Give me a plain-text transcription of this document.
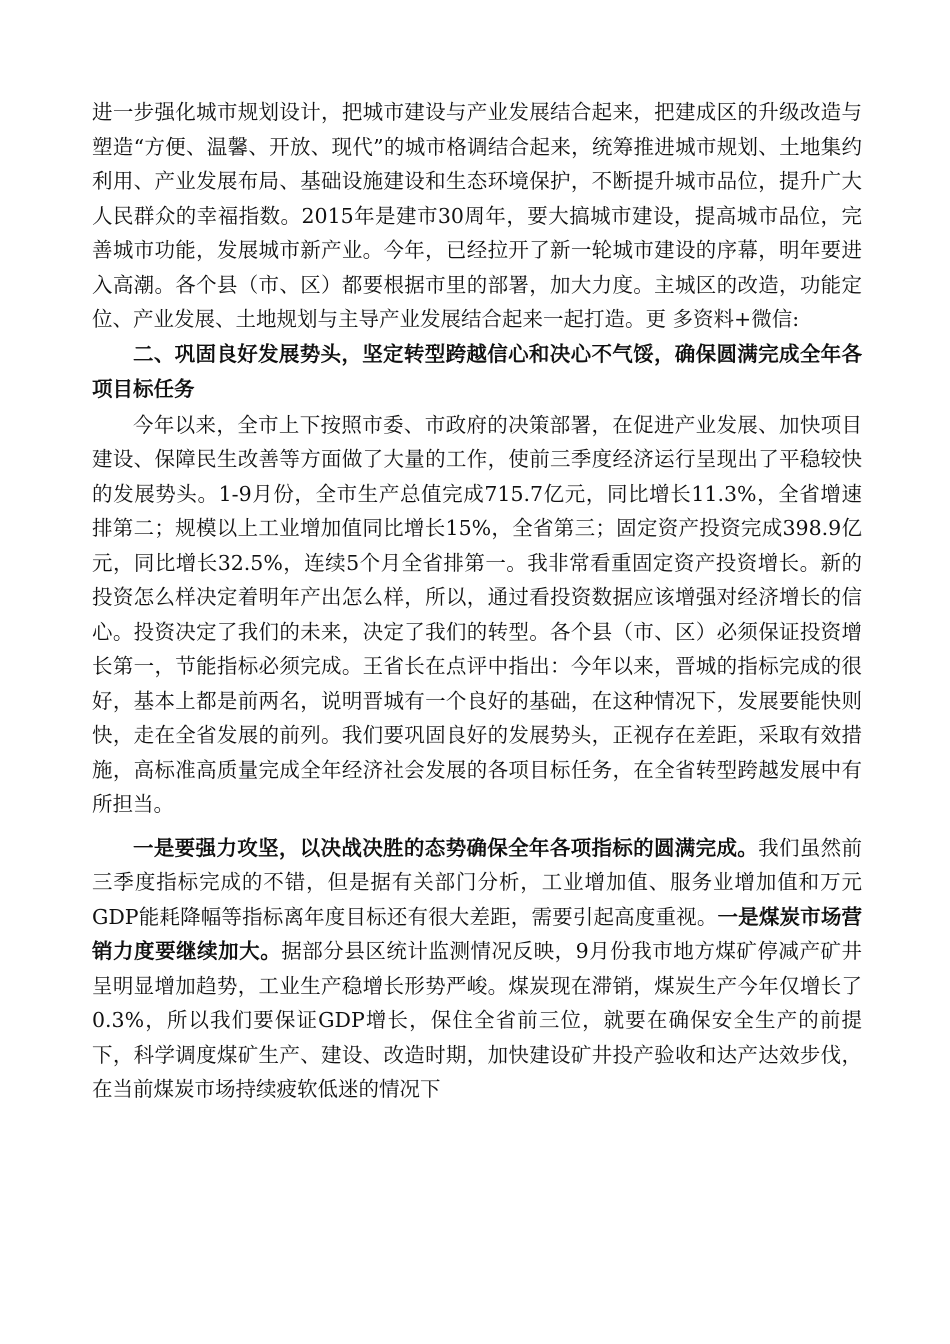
进一步强化城市规划设计，把城市建设与产业发展结合起来，把建成区的升级改造与塑造“方便、温馨、开放、现代”的城市格调结合起来，统筹推进城市规划、土地集约利用、产业发展布局、基础设施建设和生态环境保护，不断提升城市品位，提升广大人民群众的幸福指数。2015年是建市30周年，要大搞城市建设，提高城市品位，完善城市功能，发展城市新产业。今年，已经拉开了新一轮城市建设的序幕，明年要进入高潮。各个县（市、区）都要根据市里的部署，加大力度。主城区的改造，功能定位、产业发展、土地规划与主导产业发展结合起来一起打造。更 多资料+微信:

二、巩固良好发展势头，坚定转型跨越信心和决心不气馁，确保圆满完成全年各项目标任务

今年以来，全市上下按照市委、市政府的决策部署，在促进产业发展、加快项目建设、保障民生改善等方面做了大量的工作，使前三季度经济运行呈现出了平稳较快的发展势头。1-9月份，全市生产总值完成715.7亿元，同比增长11.3%，全省增速排第二；规模以上工业增加值同比增长15%，全省第三；固定资产投资完成398.9亿元，同比增长32.5%，连续5个月全省排第一。我非常看重固定资产投资增长。新的投资怎么样决定着明年产出怎么样，所以，通过看投资数据应该增强对经济增长的信心。投资决定了我们的未来，决定了我们的转型。各个县（市、区）必须保证投资增长第一，节能指标必须完成。王省长在点评中指出：今年以来，晋城的指标完成的很好，基本上都是前两名，说明晋城有一个良好的基础，在这种情况下，发展要能快则快，走在全省发展的前列。我们要巩固良好的发展势头，正视存在差距，采取有效措施，高标准高质量完成全年经济社会发展的各项目标任务，在全省转型跨越发展中有所担当。

一是要强力攻坚，以决战决胜的态势确保全年各项指标的圆满完成。我们虽然前三季度指标完成的不错，但是据有关部门分析，工业增加值、服务业增加值和万元GDP能耗降幅等指标离年度目标还有很大差距，需要引起高度重视。一是煤炭市场营销力度要继续加大。据部分县区统计监测情况反映，9月份我市地方煤矿停减产矿井呈明显增加趋势，工业生产稳增长形势严峻。煤炭现在滞销，煤炭生产今年仅增长了0.3%，所以我们要保证GDP增长，保住全省前三位，就要在确保安全生产的前提下，科学调度煤矿生产、建设、改造时期，加快建设矿井投产验收和达产达效步伐，在当前煤炭市场持续疲软低迷的情况下
